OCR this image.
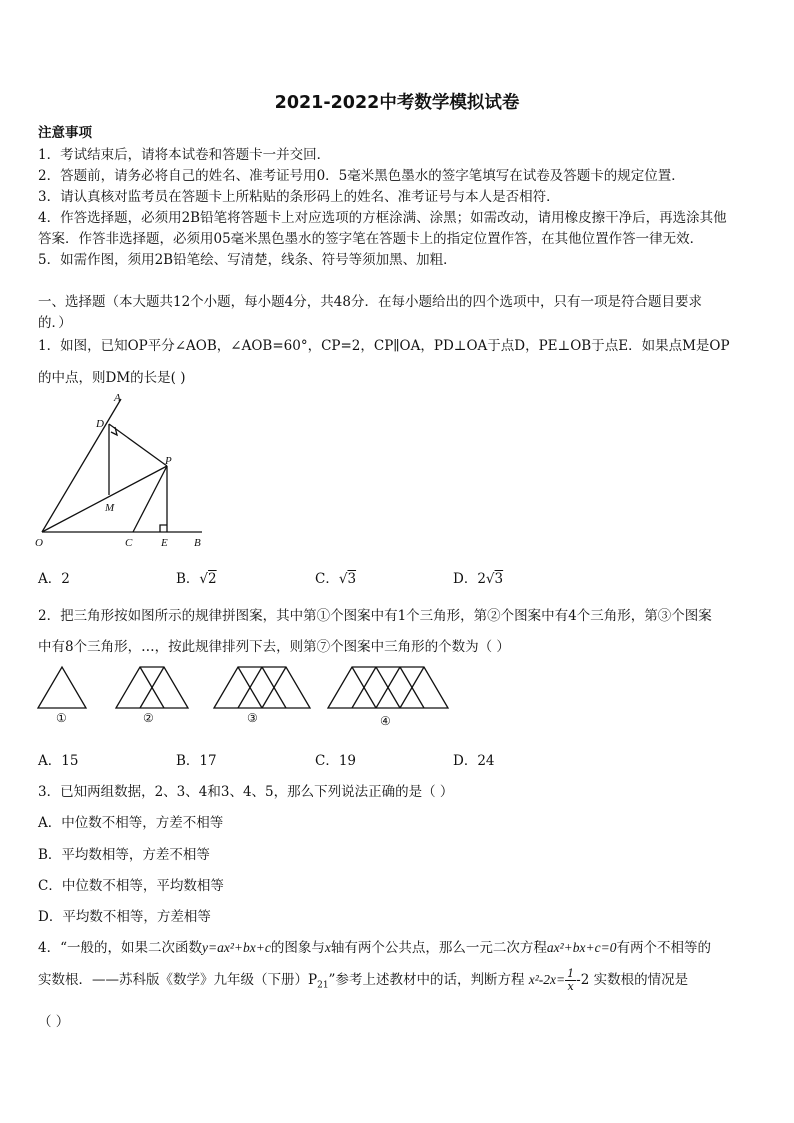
2021-2022中考数学模拟试卷
注意事项
1．考试结束后，请将本试卷和答题卡一并交回．
2．答题前，请务必将自己的姓名、准考证号用0．5毫米黑色墨水的签字笔填写在试卷及答题卡的规定位置．
3．请认真核对监考员在答题卡上所粘贴的条形码上的姓名、准考证号与本人是否相符．
4．作答选择题，必须用2B铅笔将答题卡上对应选项的方框涂满、涂黑；如需改动，请用橡皮擦干净后，再选涂其他
答案．作答非选择题，必须用05毫米黑色墨水的签字笔在答题卡上的指定位置作答，在其他位置作答一律无效．
5．如需作图，须用2B铅笔绘、写清楚，线条、符号等须加黑、加粗．
一、选择题（本大题共12个小题，每小题4分，共48分．在每小题给出的四个选项中，只有一项是符合题目要求
的．）
1．如图，已知OP平分∠AOB，∠AOB=60°，CP=2，CP∥OA，PD⊥OA于点D，PE⊥OB于点E．如果点M是OP
的中点，则DM的长是( )
A
D
P
M
O	C	E B
A．2	B．√2	C．√3	D．2√3
2．把三角形按如图所示的规律拼图案，其中第①个图案中有1个三角形，第②个图案中有4个三角形，第③个图案
中有8个三角形，…，按此规律排列下去，则第⑦个图案中三角形的个数为（ ）
①	②	③	④
A．15	B．17	C．19	D．24
3．已知两组数据，2、3、4和3、4、5，那么下列说法正确的是（ ）
A．中位数不相等，方差不相等
B．平均数相等，方差不相等
C．中位数不相等，平均数相等
D．平均数不相等，方差相等
4．“一般的，如果二次函数y=ax²+bx+c的图象与x轴有两个公共点，那么一元二次方程ax²+bx+c=0有两个不相等的
实数根．——苏科版《数学》九年级（下册）$P_{21}$”参考上述教材中的话，判断方程 $x^2-2x= \frac{1}{x} -2$ 实数根的情况是
（ ）
